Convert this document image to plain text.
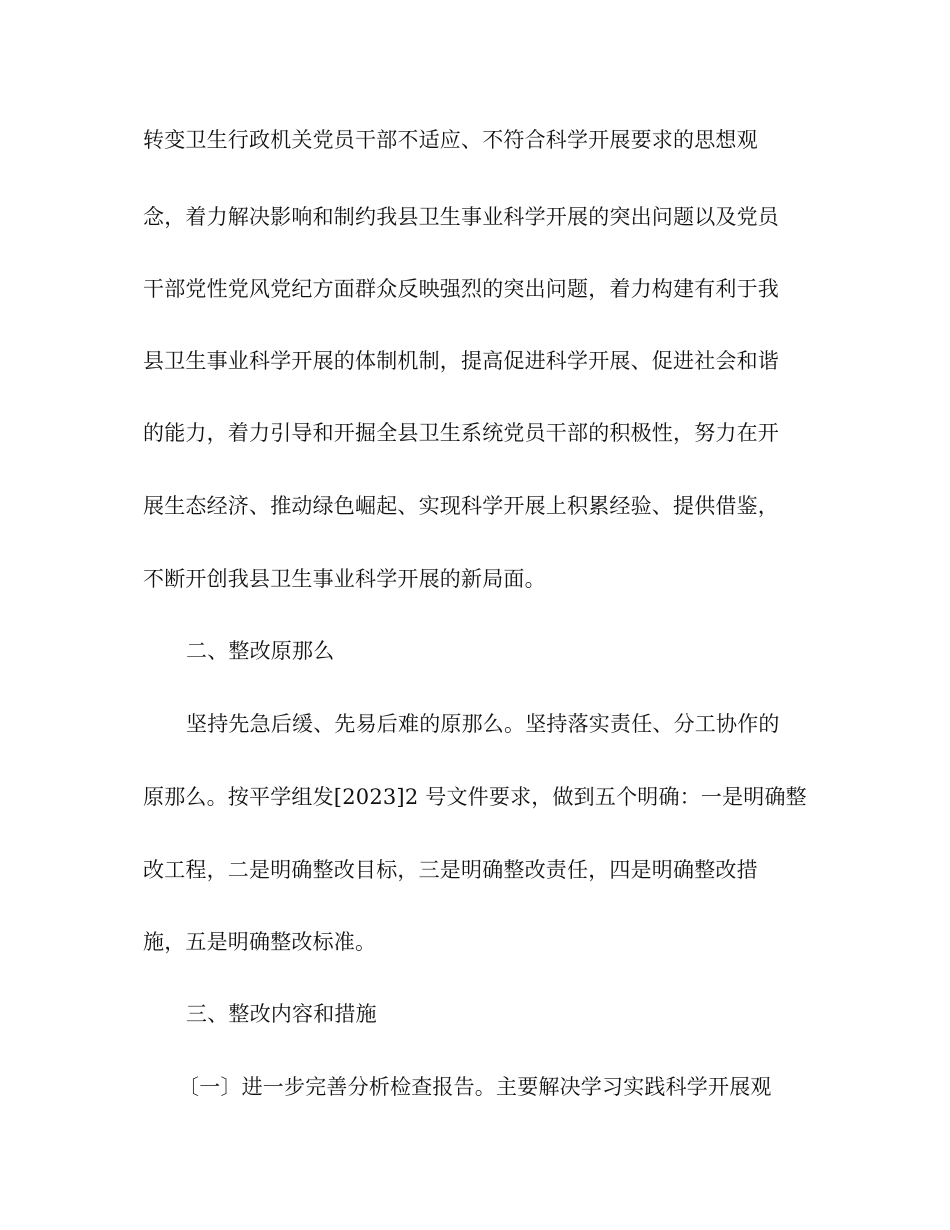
转变卫生行政机关党员干部不适应、不符合科学开展要求的思想观
念，着力解决影响和制约我县卫生事业科学开展的突出问题以及党员
干部党性党风党纪方面群众反映强烈的突出问题，着力构建有利于我
县卫生事业科学开展的体制机制，提高促进科学开展、促进社会和谐
的能力，着力引导和开掘全县卫生系统党员干部的积极性，努力在开
展生态经济、推动绿色崛起、实现科学开展上积累经验、提供借鉴，
不断开创我县卫生事业科学开展的新局面。
二、整改原那么
坚持先急后缓、先易后难的原那么。坚持落实责任、分工协作的
原那么。按平学组发[2023]2 号文件要求，做到五个明确：一是明确整
改工程，二是明确整改目标，三是明确整改责任，四是明确整改措
施，五是明确整改标准。
三、整改内容和措施
〔一〕进一步完善分析检查报告。主要解决学习实践科学开展观
